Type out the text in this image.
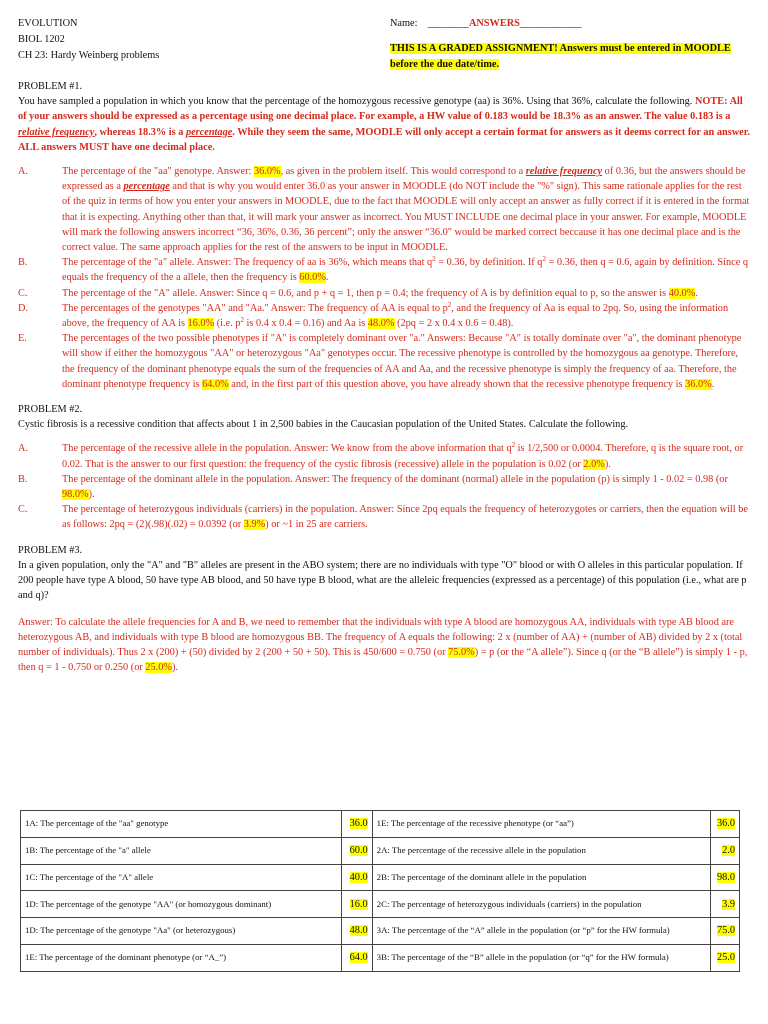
EVOLUTION
BIOL 1202
CH 23: Hardy Weinberg problems
Name: ________ANSWERS____________
THIS IS A GRADED ASSIGNMENT! Answers must be entered in MOODLE before the due date/time.
PROBLEM #1.

You have sampled a population in which you know that the percentage of the homozygous recessive genotype (aa) is 36%. Using that 36%, calculate the following. NOTE: All of your answers should be expressed as a percentage using one decimal place. For example, a HW value of 0.183 would be 18.3% as an answer. The value 0.183 is a relative frequency, whereas 18.3% is a percentage. While they seem the same, MOODLE will only accept a certain format for answers as it deems correct for an answer. ALL answers MUST have one decimal place.

A.	The percentage of the "aa" genotype. Answer: 36.0%, as given in the problem itself. This would correspond to a relative frequency of 0.36, but the answers should be expressed as a percentage and that is why you would enter 36.0 as your answer in MOODLE (do NOT include the "%" sign). This same rationale applies for the rest of the quiz in terms of how you enter your answers in MOODLE, due to the fact that MOODLE will only accept an answer as fully correct if it is entered in the format that it is expecting. Anything other than that, it will mark your answer as incorrect. You MUST INCLUDE one decimal place in your answer. For example, MOODLE will mark the following answers incorrect “36, 36%, 0.36, 36 percent”; only the answer “36.0" would be marked correct beccause it has one decimal place and is the correct value. The same approach applies for the rest of the answers to be input in MOODLE.
B.	The percentage of the "a" allele. Answer: The frequency of aa is 36%, which means that $q^2 = 0.36$, by definition. If $q^2 = 0.36$, then q = 0.6, again by definition. Since q equals the frequency of the a allele, then the frequency is 60.0%.
C.	The percentage of the "A" allele. Answer: Since q = 0.6, and p + q = 1, then p = 0.4; the frequency of A is by definition equal to p, so the answer is 40.0%.
D.	The percentages of the genotypes "AA" and "Aa." Answer: The frequency of AA is equal to $p^2$, and the frequency of Aa is equal to 2pq. So, using the information above, the frequency of AA is 16.0% (i.e. $p^2$ is 0.4 x 0.4 = 0.16) and Aa is 48.0% (2pq = 2 x 0.4 x 0.6 = 0.48).
E.	The percentages of the two possible phenotypes if "A" is completely dominant over "a." Answers: Because "A" is totally dominate over "a", the dominant phenotype will show if either the homozygous "AA" or heterozygous "Aa" genotypes occur. The recessive phenotype is controlled by the homozygous aa genotype. Therefore, the frequency of the dominant phenotype equals the sum of the frequencies of AA and Aa, and the recessive phenotype is simply the frequency of aa. Therefore, the dominant phenotype frequency is 64.0% and, in the first part of this question above, you have already shown that the recessive phenotype frequency is 36.0%.
PROBLEM #2.

Cystic fibrosis is a recessive condition that affects about 1 in 2,500 babies in the Caucasian population of the United States. Calculate the following.

A.	The percentage of the recessive allele in the population. Answer: We know from the above information that $q^2$ is 1/2,500 or 0.0004. Therefore, q is the square root, or 0.02. That is the answer to our first question: the frequency of the cystic fibrosis (recessive) allele in the population is 0.02 (or 2.0%).
B.	The percentage of the dominant allele in the population. Answer: The frequency of the dominant (normal) allele in the population (p) is simply 1 - 0.02 = 0.98 (or 98.0%).
C.	The percentage of heterozygous individuals (carriers) in the population. Answer: Since 2pq equals the frequency of heterozygotes or carriers, then the equation will be as follows: 2pq = (2)(.98)(.02) = 0.0392 (or 3.9%) or ~1 in 25 are carriers.
PROBLEM #3.

In a given population, only the "A" and "B" alleles are present in the ABO system; there are no individuals with type "O" blood or with O alleles in this particular population. If 200 people have type A blood, 50 have type AB blood, and 50 have type B blood, what are the alleleic frequencies (expressed as a percentage) of this population (i.e., what are p and q)?

Answer: To calculate the allele frequencies for A and B, we need to remember that the individuals with type A blood are homozygous AA, individuals with type AB blood are heterozygous AB, and individuals with type B blood are homozygous BB. The frequency of A equals the following: 2 x (number of AA) + (number of AB) divided by 2 x (total number of individuals). Thus 2 x (200) + (50) divided by 2 (200 + 50 + 50). This is 450/600 = 0.750 (or 75.0%) = p (or the “A allele”). Since q (or the “B allele”) is simply 1 - p, then q = 1 - 0.750 or 0.250 (or 25.0%).

1A: The percentage of the "aa" genotype	36.0	1E: The percentage of the recessive phenotype (or “aa”)	36.0
1B: The percentage of the "a" allele	60.0	2A: The percentage of the recessive allele in the population	2.0
1C: The percentage of the "A" allele	40.0	2B: The percentage of the dominant allele in the population	98.0
1D: The percentage of the genotype "AA" (or homozygous dominant)	16.0	2C: The percentage of heterozygous individuals (carriers) in the population	3.9
1D: The percentage of the genotype "Aa" (or heterozygous)	48.0	3A: The percentage of the “A” allele in the population (or “p” for the HW formula)	75.0
1E: The percentage of the dominant phenotype (or “A_”)	64.0	3B: The percentage of the “B” allele in the population (or “q” for the HW formula)	25.0
